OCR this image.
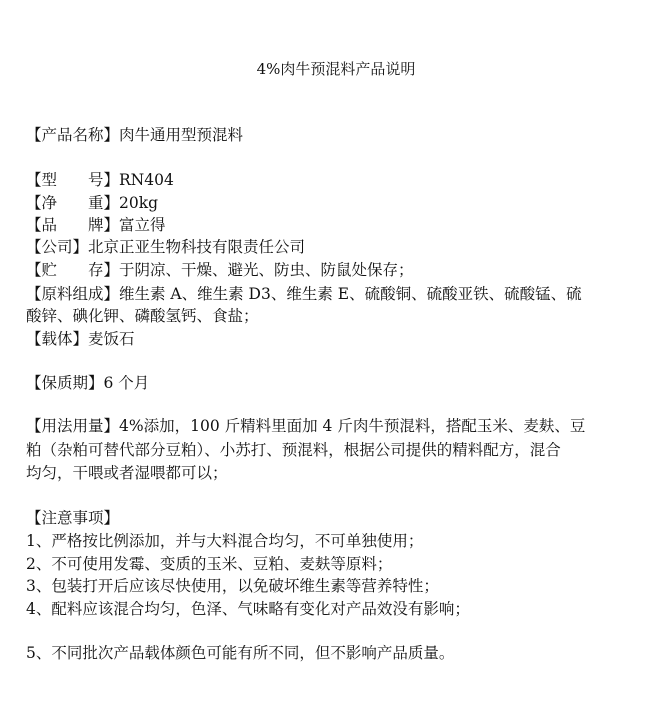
4%肉牛预混料产品说明
【产品名称】肉牛通用型预混料
【型　　号】RN404
【净　　重】20kg
【品　　牌】富立得
【公司】北京正亚生物科技有限责任公司
【贮　　存】于阴凉、干燥、避光、防虫、防鼠处保存；
【原料组成】维生素 A、维生素 D3、维生素 E、硫酸铜、硫酸亚铁、硫酸锰、硫
酸锌、碘化钾、磷酸氢钙、食盐；
【载体】麦饭石
【保质期】6 个月
【用法用量】4%添加，100 斤精料里面加 4 斤肉牛预混料，搭配玉米、麦麸、豆
粕（杂粕可替代部分豆粕）、小苏打、预混料，根据公司提供的精料配方，混合
均匀，干喂或者湿喂都可以；
【注意事项】
1、严格按比例添加，并与大料混合均匀，不可单独使用；
2、不可使用发霉、变质的玉米、豆粕、麦麸等原料；
3、包装打开后应该尽快使用，以免破坏维生素等营养特性；
4、配料应该混合均匀，色泽、气味略有变化对产品效没有影响；
5、不同批次产品载体颜色可能有所不同，但不影响产品质量。
